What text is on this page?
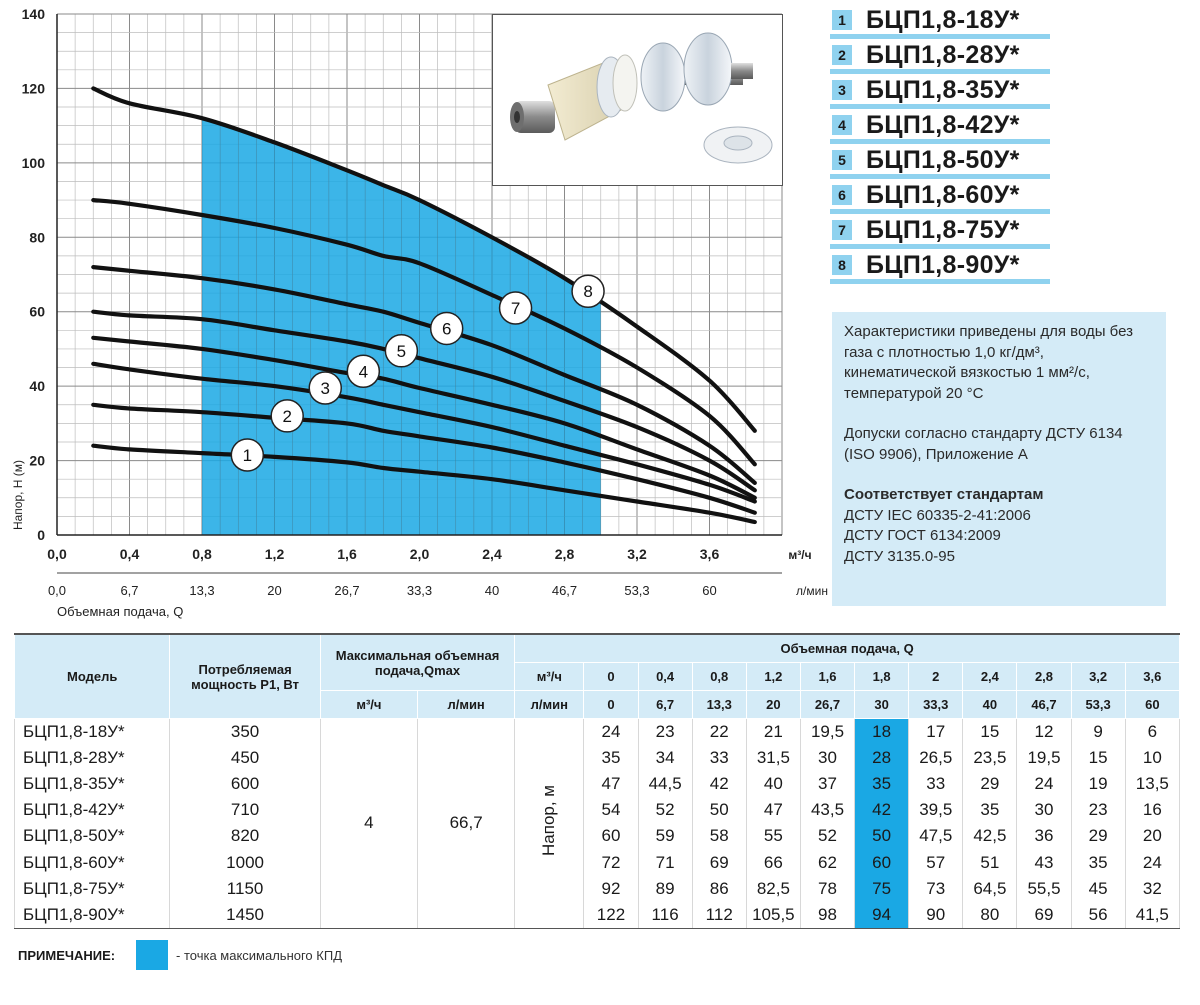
1
2
3
4
5
6
7
8
0
20
40
60
80
100
120
140
0,0	0,4	0,8	1,2	1,6	2,0	2,4	2,8	3,2	3,6
0,0	6,7	13,3	20	26,7	33,3	40	46,7	53,3	60
м³/ч
л/мин
Объемная подача, Q
Напор, Н (м)
1 БЦП1,8-18У*
2 БЦП1,8-28У*
3 БЦП1,8-35У*
4 БЦП1,8-42У*
5 БЦП1,8-50У*
6 БЦП1,8-60У*
7 БЦП1,8-75У*
8 БЦП1,8-90У*

Характеристики приведены для воды без газа с плотностью 1,0 кг/дм³, кинематической вязкостью 1 мм²/с, температурой 20 °С

Допуски согласно стандарту ДСТУ 6134 (ISO 9906), Приложение А

Соответствует стандартам

ДСТУ IEC 60335-2-41:2006

ДСТУ ГОСТ 6134:2009

ДСТУ 3135.0-95

Модель	Потребляемая мощность Р1, Вт	Максимальная объемная подача,Qmax		Объемная подача, Q											
				м³/ч	0	0,4	0,8	1,2	1,6	1,8	2	2,4	2,8	3,2	3,6
		м³/ч	л/мин	л/мин	0	6,7	13,3	20	26,7	30	33,3	40	46,7	53,3	60
БЦП1,8-18У*	350	4	66,7	Напор, м	24	23	22	21	19,5	18	17	15	12	9	6
БЦП1,8-28У*	450				35	34	33	31,5	30	28	26,5	23,5	19,5	15	10
БЦП1,8-35У*	600				47	44,5	42	40	37	35	33	29	24	19	13,5
БЦП1,8-42У*	710				54	52	50	47	43,5	42	39,5	35	30	23	16
БЦП1,8-50У*	820				60	59	58	55	52	50	47,5	42,5	36	29	20
БЦП1,8-60У*	1000				72	71	69	66	62	60	57	51	43	35	24
БЦП1,8-75У*	1150				92	89	86	82,5	78	75	73	64,5	55,5	45	32
БЦП1,8-90У*	1450				122	116	112	105,5	98	94	90	80	69	56	41,5
ПРИМЕЧАНИЕ:	- точка максимального КПД
